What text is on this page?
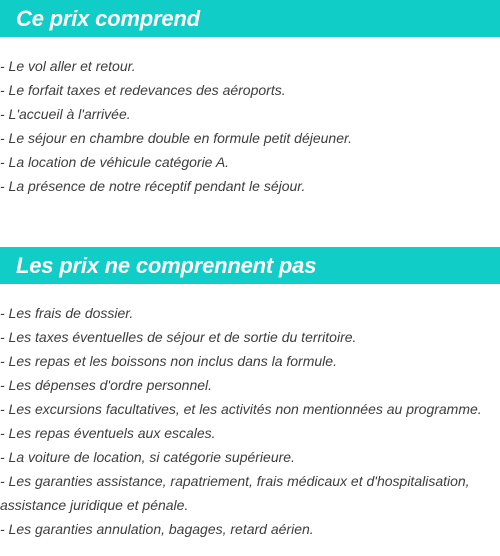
Ce prix comprend
- Le vol aller et retour.
- Le forfait taxes et redevances des aéroports.
- L'accueil à l'arrivée.
- Le séjour en chambre double en formule petit déjeuner.
- La location de véhicule catégorie A.
- La présence de notre réceptif pendant le séjour.
Les prix ne comprennent pas
- Les frais de dossier.
- Les taxes éventuelles de séjour et de sortie du territoire.
- Les repas et les boissons non inclus dans la formule.
- Les dépenses d'ordre personnel.
- Les excursions facultatives, et les activités non mentionnées au programme.
- Les repas éventuels aux escales.
- La voiture de location, si catégorie supérieure.
- Les garanties assistance, rapatriement, frais médicaux et d'hospitalisation, assistance juridique et pénale.
- Les garanties annulation, bagages, retard aérien.
